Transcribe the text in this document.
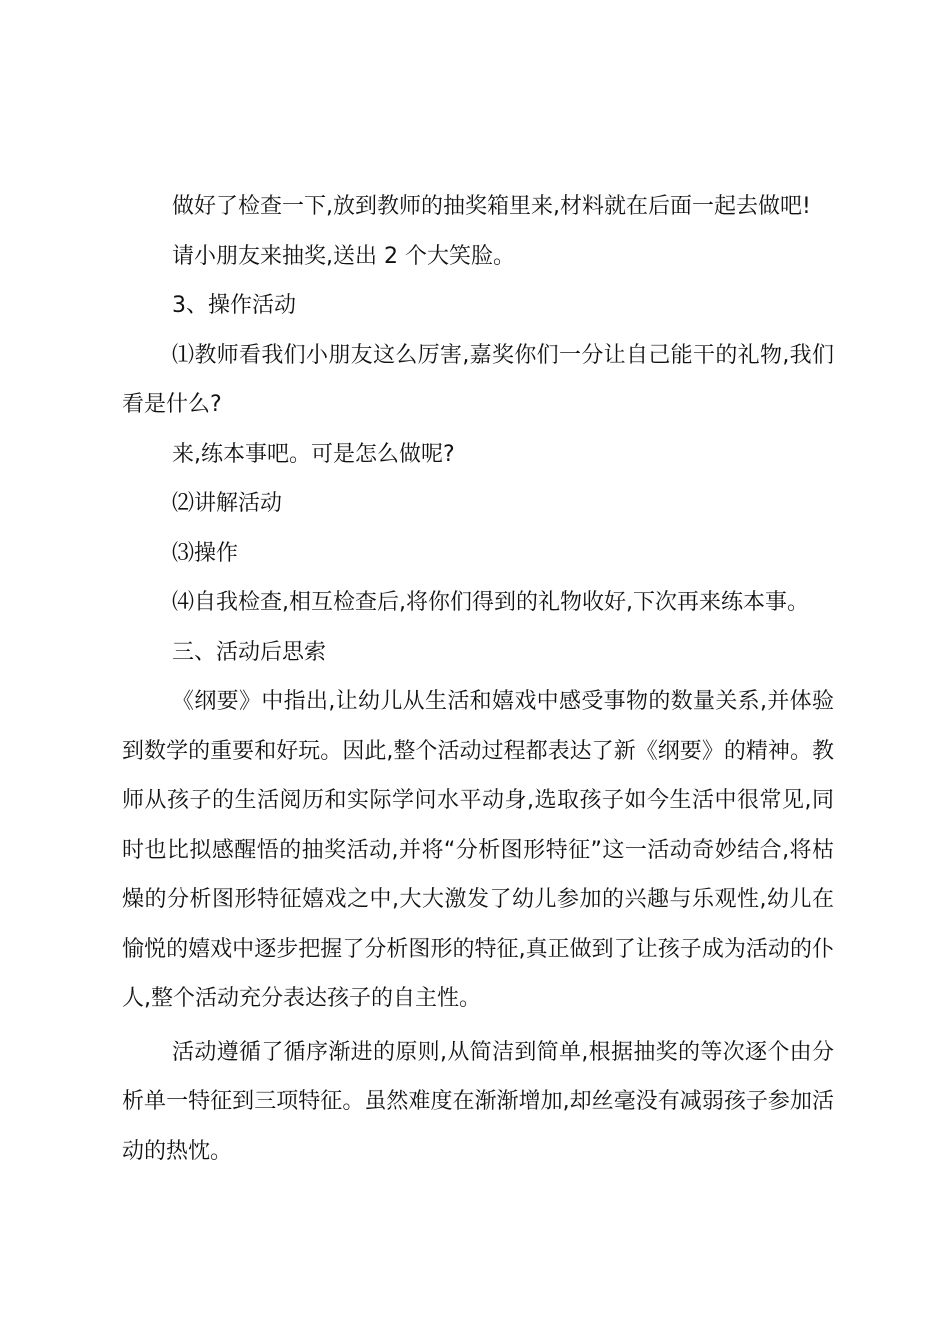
做好了检查一下,放到教师的抽奖箱里来,材料就在后面一起去做吧!

请小朋友来抽奖,送出 2 个大笑脸。

3、操作活动

⑴教师看我们小朋友这么厉害,嘉奖你们一分让自己能干的礼物,我们看是什么?

来,练本事吧。可是怎么做呢?

⑵讲解活动

⑶操作

⑷自我检查,相互检查后,将你们得到的礼物收好,下次再来练本事。

三、活动后思索

《纲要》中指出,让幼儿从生活和嬉戏中感受事物的数量关系,并体验到数学的重要和好玩。因此,整个活动过程都表达了新《纲要》的精神。教师从孩子的生活阅历和实际学问水平动身,选取孩子如今生活中很常见,同时也比拟感醒悟的抽奖活动,并将“分析图形特征”这一活动奇妙结合,将枯燥的分析图形特征嬉戏之中,大大激发了幼儿参加的兴趣与乐观性,幼儿在愉悦的嬉戏中逐步把握了分析图形的特征,真正做到了让孩子成为活动的仆人,整个活动充分表达孩子的自主性。

活动遵循了循序渐进的原则,从简洁到简单,根据抽奖的等次逐个由分析单一特征到三项特征。虽然难度在渐渐增加,却丝毫没有减弱孩子参加活动的热忱。
